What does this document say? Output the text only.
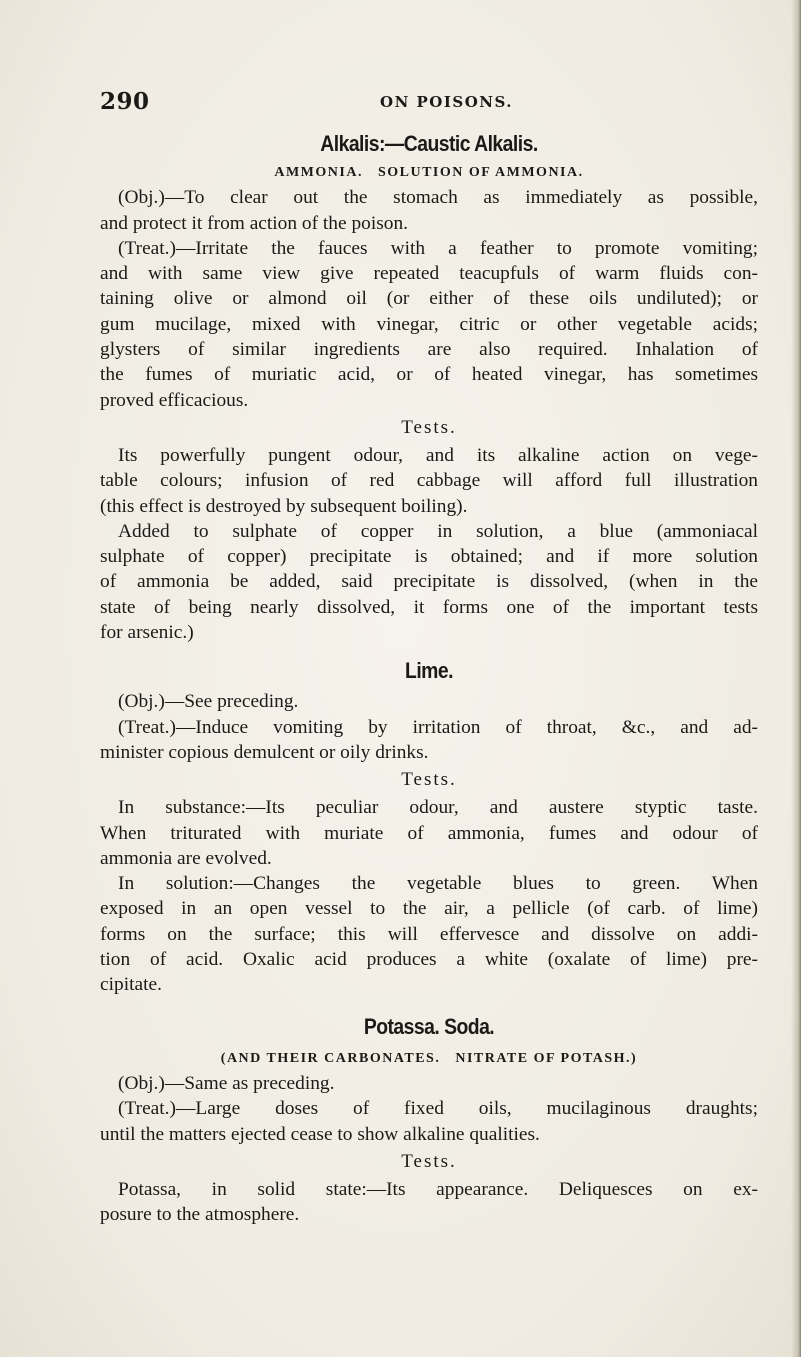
290	ON POISONS.
Alkalis:—Caustic Alkalis.
AMMONIA.   SOLUTION OF AMMONIA.
(Obj.)—To clear out the stomach as immediately as possible,
and protect it from action of the poison.
(Treat.)—Irritate the fauces with a feather to promote vomiting;
and with same view give repeated teacupfuls of warm fluids con-
taining olive or almond oil (or either of these oils undiluted); or
gum mucilage, mixed with vinegar, citric or other vegetable acids;
glysters of similar ingredients are also required. Inhalation of
the fumes of muriatic acid, or of heated vinegar, has sometimes
proved efficacious.
Tests.
Its powerfully pungent odour, and its alkaline action on vege-
table colours; infusion of red cabbage will afford full illustration
(this effect is destroyed by subsequent boiling).
Added to sulphate of copper in solution, a blue (ammoniacal
sulphate of copper) precipitate is obtained; and if more solution
of ammonia be added, said precipitate is dissolved, (when in the
state of being nearly dissolved, it forms one of the important tests
for arsenic.)
Lime.
(Obj.)—See preceding.
(Treat.)—Induce vomiting by irritation of throat, &c., and ad-
minister copious demulcent or oily drinks.
Tests.
In substance:—Its peculiar odour, and austere styptic taste.
When triturated with muriate of ammonia, fumes and odour of
ammonia are evolved.
In solution:—Changes the vegetable blues to green. When
exposed in an open vessel to the air, a pellicle (of carb. of lime)
forms on the surface; this will effervesce and dissolve on addi-
tion of acid. Oxalic acid produces a white (oxalate of lime) pre-
cipitate.
Potassa. Soda.
(AND THEIR CARBONATES.   NITRATE OF POTASH.)
(Obj.)—Same as preceding.
(Treat.)—Large doses of fixed oils, mucilaginous draughts;
until the matters ejected cease to show alkaline qualities.
Tests.
Potassa, in solid state:—Its appearance. Deliquesces on ex-
posure to the atmosphere.
